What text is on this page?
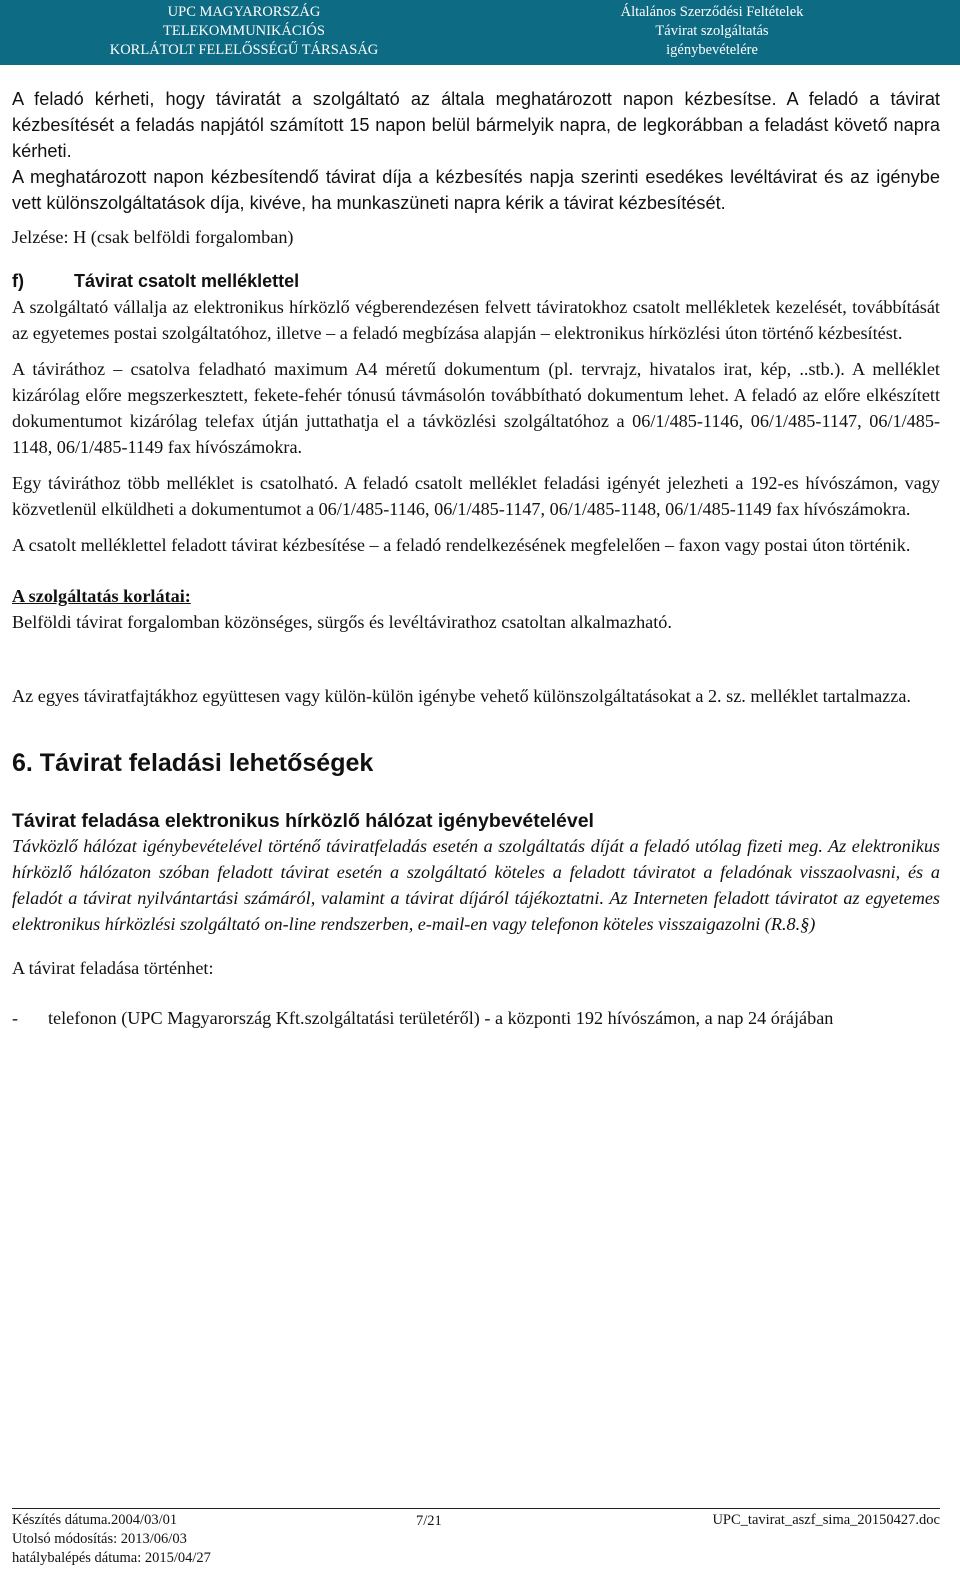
UPC MAGYARORSZÁG
TELEKOMMUNIKÁCIÓS
KORLÁTOLT FELELŐSSÉGŰ TÁRSASÁG
Általános Szerződési Feltételek
Távirat szolgáltatás
igénybevételére

A feladó kérheti, hogy táviratát a szolgáltató az általa meghatározott napon kézbesítse. A feladó a távirat kézbesítését a feladás napjától számított 15 napon belül bármelyik napra, de legkorábban a feladást követő napra kérheti.

A meghatározott napon kézbesítendő távirat díja a kézbesítés napja szerinti esedékes levéltávirat és az igénybe vett különszolgáltatások díja, kivéve, ha munkaszüneti napra kérik a távirat kézbesítését.

Jelzése: H (csak belföldi forgalomban)

f)	Távirat csatolt melléklettel

A szolgáltató vállalja az elektronikus hírközlő végberendezésen felvett táviratokhoz csatolt mellékletek kezelését, továbbítását az egyetemes postai szolgáltatóhoz, illetve – a feladó megbízása alapján – elektronikus hírközlési úton történő kézbesítést.

A táviráthoz – csatolva feladható maximum A4 méretű dokumentum (pl. tervrajz, hivatalos irat, kép, ..stb.). A melléklet kizárólag előre megszerkesztett, fekete-fehér tónusú távmásolón továbbítható dokumentum lehet. A feladó az előre elkészített dokumentumot kizárólag telefax útján juttathatja el a távközlési szolgáltatóhoz a 06/1/485-1146, 06/1/485-1147, 06/1/485-1148, 06/1/485-1149 fax hívószámokra.

Egy táviráthoz több melléklet is csatolható. A feladó csatolt melléklet feladási igényét jelezheti a 192-es hívószámon, vagy közvetlenül elküldheti a dokumentumot a 06/1/485-1146, 06/1/485-1147, 06/1/485-1148, 06/1/485-1149 fax hívószámokra.

A csatolt melléklettel feladott távirat kézbesítése – a feladó rendelkezésének megfelelően – faxon vagy postai úton történik.

A szolgáltatás korlátai:

Belföldi távirat forgalomban közönséges, sürgős és levéltávirathoz csatoltan alkalmazható.

Az egyes táviratfajtákhoz együttesen vagy külön-külön igénybe vehető különszolgáltatásokat a 2. sz. melléklet tartalmazza.

6. Távirat feladási lehetőségek
Távirat feladása elektronikus hírközlő hálózat igénybevételével

Távközlő hálózat igénybevételével történő táviratfeladás esetén a szolgáltatás díját a feladó utólag fizeti meg. Az elektronikus hírközlő hálózaton szóban feladott távirat esetén a szolgáltató köteles a feladott táviratot a feladónak visszaolvasni, és a feladót a távirat nyilvántartási számáról, valamint a távirat díjáról tájékoztatni. Az Interneten feladott táviratot az egyetemes elektronikus hírközlési szolgáltató on-line rendszerben, e-mail-en vagy telefonon köteles visszaigazolni (R.8.§)

A távirat feladása történhet:

-	telefonon (UPC Magyarország Kft.szolgáltatási területéről) - a központi 192 hívószámon, a nap 24 órájában

Készítés dátuma.2004/03/01	UPC_tavirat_aszf_sima_20150427.doc
7/21
Utolsó módosítás: 2013/06/03
hatálybalépés dátuma: 2015/04/27
